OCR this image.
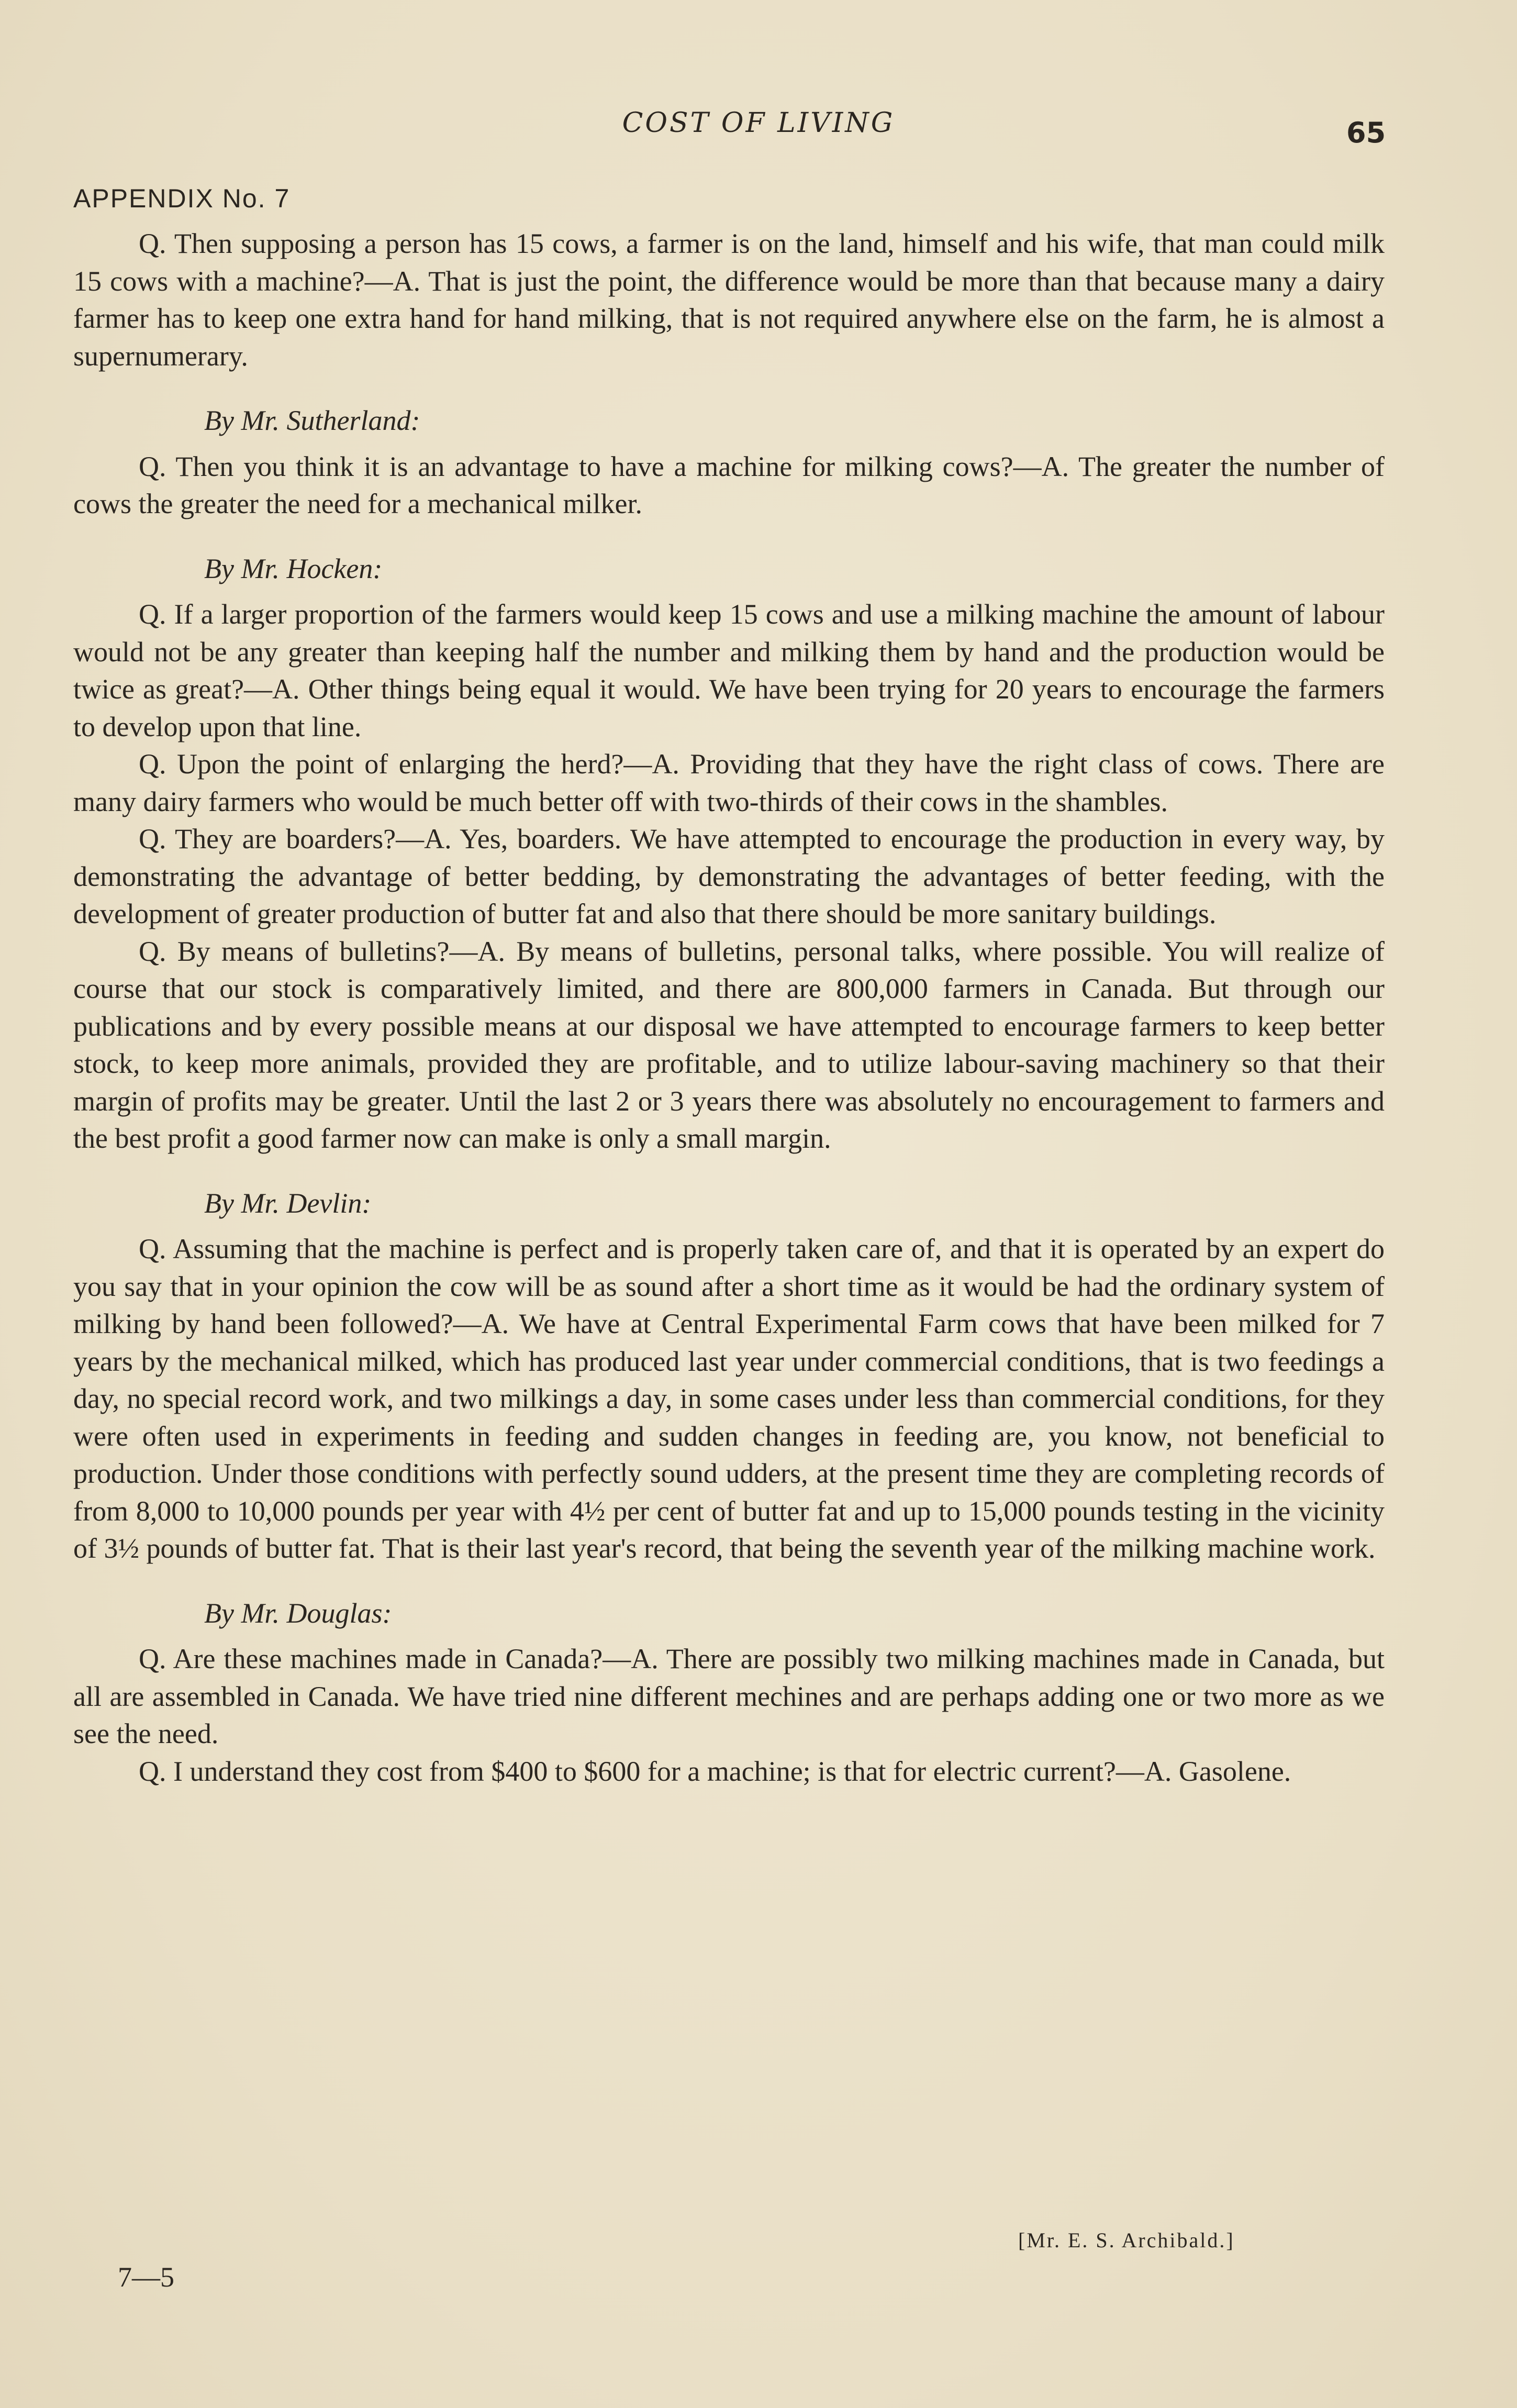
COST OF LIVING	65
APPENDIX No. 7

Q. Then supposing a person has 15 cows, a farmer is on the land, himself and his wife, that man could milk 15 cows with a machine?—A. That is just the point, the difference would be more than that because many a dairy farmer has to keep one extra hand for hand milking, that is not required anywhere else on the farm, he is almost a supernumerary.

By Mr. Sutherland:

Q. Then you think it is an advantage to have a machine for milking cows?—A. The greater the number of cows the greater the need for a mechanical milker.

By Mr. Hocken:

Q. If a larger proportion of the farmers would keep 15 cows and use a milking machine the amount of labour would not be any greater than keeping half the number and milking them by hand and the production would be twice as great?—A. Other things being equal it would. We have been trying for 20 years to encourage the farmers to develop upon that line.

Q. Upon the point of enlarging the herd?—A. Providing that they have the right class of cows. There are many dairy farmers who would be much better off with two-thirds of their cows in the shambles.

Q. They are boarders?—A. Yes, boarders. We have attempted to encourage the production in every way, by demonstrating the advantage of better bedding, by demonstrating the advantages of better feeding, with the development of greater production of butter fat and also that there should be more sanitary buildings.

Q. By means of bulletins?—A. By means of bulletins, personal talks, where possible. You will realize of course that our stock is comparatively limited, and there are 800,000 farmers in Canada. But through our publications and by every possible means at our disposal we have attempted to encourage farmers to keep better stock, to keep more animals, provided they are profitable, and to utilize labour-saving machinery so that their margin of profits may be greater. Until the last 2 or 3 years there was absolutely no encouragement to farmers and the best profit a good farmer now can make is only a small margin.

By Mr. Devlin:

Q. Assuming that the machine is perfect and is properly taken care of, and that it is operated by an expert do you say that in your opinion the cow will be as sound after a short time as it would be had the ordinary system of milking by hand been followed?—A. We have at Central Experimental Farm cows that have been milked for 7 years by the mechanical milked, which has produced last year under commercial conditions, that is two feedings a day, no special record work, and two milkings a day, in some cases under less than commercial conditions, for they were often used in experiments in feeding and sudden changes in feeding are, you know, not beneficial to production. Under those conditions with perfectly sound udders, at the present time they are completing records of from 8,000 to 10,000 pounds per year with 4½ per cent of butter fat and up to 15,000 pounds testing in the vicinity of 3½ pounds of butter fat. That is their last year's record, that being the seventh year of the milking machine work.

By Mr. Douglas:

Q. Are these machines made in Canada?—A. There are possibly two milking machines made in Canada, but all are assembled in Canada. We have tried nine different mechines and are perhaps adding one or two more as we see the need.

Q. I understand they cost from $400 to $600 for a machine; is that for electric current?—A. Gasolene.

[Mr. E. S. Archibald.]
7—5
